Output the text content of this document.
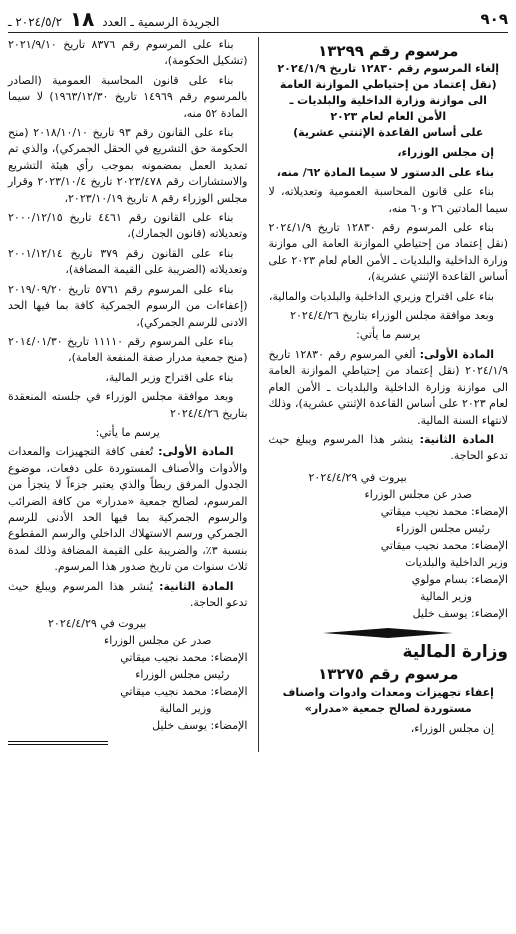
٩٠٩
الجريدة الرسمية ـ العدد ١٨ ٢٠٢٤/٥/٢ ـ
مرسوم رقم ١٣٢٩٩
إلغاء المرسوم رقم ١٢٨٣٠ تاريخ ٢٠٢٤/١/٩
(نقل إعتماد من إحتياطي الموازنة العامة
الى موازنة وزارة الداخلية والبلديات ـ
الأمن العام لعام ٢٠٢٣
على أساس القاعدة الإثنتي عشرية)

إن مجلس الوزراء،

بناء على الدستور لا سيما المادة ٦٢/ منه،

بناء على قانون المحاسبة العمومية وتعديلاته، لا سيما المادتين ٢٦ و٦٠ منه،

بناء على المرسوم رقم ١٢٨٣٠ تاريخ ٢٠٢٤/١/٩ (نقل إعتماد من إحتياطي الموازنة العامة الى موازنة وزارة الداخلية والبلديات ـ الأمن العام لعام ٢٠٢٣ على أساس القاعدة الإثنتي عشرية)،

بناء على اقتراح وزيري الداخلية والبلديات والمالية،

وبعد موافقة مجلس الوزراء بتاريخ ٢٠٢٤/٤/٢٦

يرسم ما يأتي:

المادة الأولى: ألغي المرسوم رقم ١٢٨٣٠ تاريخ ٢٠٢٤/١/٩ (نقل إعتماد من إحتياطي الموازنة العامة الى موازنة وزارة الداخلية والبلديات ـ الأمن العام لعام ٢٠٢٣ على أساس القاعدة الإثنتي عشرية)، وذلك لانتهاء السنة المالية.

المادة الثانية: ينشر هذا المرسوم ويبلغ حيث تدعو الحاجة.

بيروت في ٢٠٢٤/٤/٢٩
صدر عن مجلس الوزراء
الإمضاء: محمد نجيب ميقاتي
رئيس مجلس الوزراء
الإمضاء: محمد نجيب ميقاتي
وزير الداخلية والبلديات
الإمضاء: بسام مولوي
وزير المالية
الإمضاء: يوسف خليل
وزارة المالية
مرسوم رقم ١٣٢٧٥
إعفاء تجهيزات ومعدات وادوات واصناف
مستوردة لصالح جمعية «مدرار»

إن مجلس الوزراء،

بناء على المرسوم رقم ٨٣٧٦ تاريخ ٢٠٢١/٩/١٠ (تشكيل الحكومة)،

بناء على قانون المحاسبة العمومية (الصادر بالمرسوم رقم ١٤٩٦٩ تاريخ ١٩٦٣/١٢/٣٠) لا سيما المادة ٥٢ منه،

بناء على القانون رقم ٩٣ تاريخ ٢٠١٨/١٠/١٠ (منح الحكومة حق التشريع في الحقل الجمركي)، والذي تم تمديد العمل بمضمونه بموجب رأي هيئة التشريع والاستشارات رقم ٢٠٢٣/٤٧٨ تاريخ ٢٠٢٣/١٠/٤ وقرار مجلس الوزراء رقم ٨ تاريخ ٢٠٢٣/١٠/١٩،

بناء على القانون رقم ٤٤٦١ تاريخ ٢٠٠٠/١٢/١٥ وتعديلاته (قانون الجمارك)،

بناء على القانون رقم ٣٧٩ تاريخ ٢٠٠١/١٢/١٤ وتعديلاته (الضريبة على القيمة المضافة)،

بناء على المرسوم رقم ٥٧٦١ تاريخ ٢٠١٩/٠٩/٢٠ (إعفاءات من الرسوم الجمركية كافة بما فيها الحد الادنى للرسم الجمركي)،

بناء على المرسوم رقم ١١١١٠ تاريخ ٢٠١٤/٠١/٣٠ (منح جمعية مدرار صفة المنفعة العامة)،

بناء على اقتراح وزير المالية،

وبعد موافقة مجلس الوزراء في جلسته المنعقدة بتاريخ ٢٠٢٤/٤/٢٦

يرسم ما يأتي:

المادة الأولى: تُعفى كافة التجهيزات والمعدات والأدوات والأصناف المستوردة على دفعات، موضوع الجدول المرفق ربطاً والذي يعتبر جزءاً لا يتجزأ من المرسوم، لصالح جمعية «مدرار» من كافة الضرائب والرسوم الجمركية بما فيها الحد الأدنى للرسم الجمركي ورسم الاستهلاك الداخلي والرسم المقطوع بنسبة ٣٪، والضريبة على القيمة المضافة وذلك لمدة ثلاث سنوات من تاريخ صدور هذا المرسوم.

المادة الثانية: يُنشر هذا المرسوم ويبلغ حيث تدعو الحاجة.

بيروت في ٢٠٢٤/٤/٢٩
صدر عن مجلس الوزراء
الإمضاء: محمد نجيب ميقاتي
رئيس مجلس الوزراء
الإمضاء: محمد نجيب ميقاتي
وزير المالية
الإمضاء: يوسف خليل
